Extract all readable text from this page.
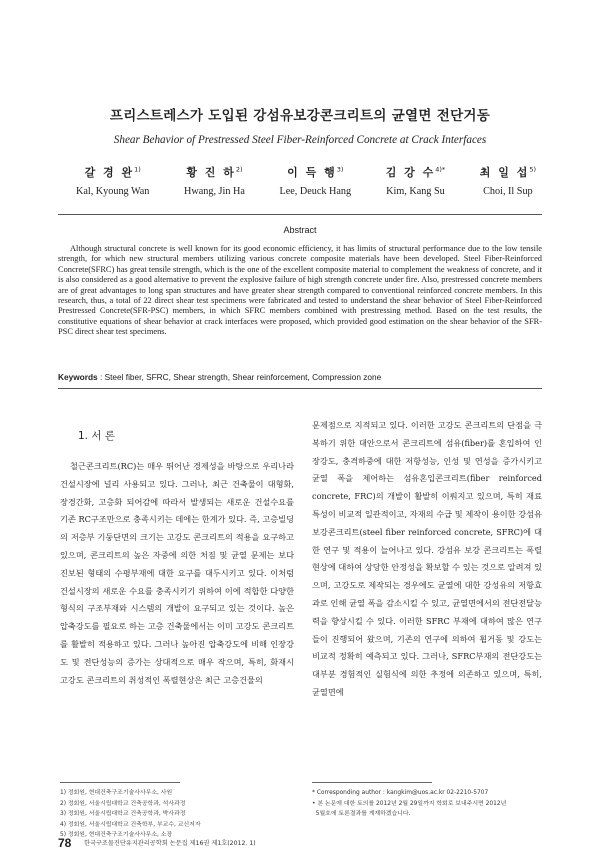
프리스트레스가 도입된 강섬유보강콘크리트의 균열면 전단거동
Shear Behavior of Prestressed Steel Fiber-Reinforced Concrete at Crack Interfaces
갈 경 완$^{1)}$
Kal, Kyoung Wan
황 진 하$^{2)}$
Hwang, Jin Ha
이 득 행$^{3)}$
Lee, Deuck Hang
김 강 수$^{4)*}$
Kim, Kang Su
최 일 섭$^{5)}$
Choi, Il Sup
Abstract
Although structural concrete is well known for its good economic efficiency, it has limits of structural performance due to the low tensile strength, for which new structural members utilizing various concrete composite materials have been developed. Steel Fiber-Reinforced Concrete(SFRC) has great tensile strength, which is the one of the excellent composite material to complement the weakness of concrete, and it is also considered as a good alternative to prevent the explosive failure of high strength concrete under fire. Also, prestressed concrete members are of great advantages to long span structures and have greater shear strength compared to conventional reinforced concrete members. In this research, thus, a total of 22 direct shear test specimens were fabricated and tested to understand the shear behavior of Steel Fiber-Reinforced Prestressed Concrete(SFR-PSC) members, in which SFRC members combined with prestressing method. Based on the test results, the constitutive equations of shear behavior at crack interfaces were proposed, which provided good estimation on the shear behavior of the SFR-PSC direct shear test specimens.
Keywords : Steel fiber, SFRC, Shear strength, Shear reinforcement, Compression zone
1. 서 론
철근콘크리트(RC)는 매우 뛰어난 경제성을 바탕으로 우리나라 건설시장에 널리 사용되고 있다. 그러나, 최근 건축물이 대형화, 장경간화, 고층화 되어감에 따라서 발생되는 새로운 건설수요를 기존 RC구조만으로 충족시키는 데에는 한계가 있다. 즉, 고층빌딩의 저층부 기둥단면의 크기는 고강도 콘크리트의 적용을 요구하고 있으며, 콘크리트의 높은 자중에 의한 처짐 및 균열 문제는 보다 진보된 형태의 수평부재에 대한 요구를 대두시키고 있다. 이처럼 건설시장의 새로운 수요를 충족시키기 위하여 이에 적합한 다양한 형식의 구조부재와 시스템의 개발이 요구되고 있는 것이다. 높은 압축강도를 필요로 하는 고층 건축물에서는 이미 고강도 콘크리트를 활발히 적용하고 있다. 그러나 높아진 압축강도에 비해 인장강도 및 전단성능의 증가는 상대적으로 매우 작으며, 특히, 화재시 고강도 콘크리트의 취성적인 폭렬현상은 최근 고층건물의
문제점으로 지적되고 있다. 이러한 고강도 콘크리트의 단점을 극복하기 위한 대안으로서 콘크리트에 섬유(fiber)를 혼입하여 인장강도, 충격하중에 대한 저항성능, 인성 및 연성을 증가시키고 균열 폭을 제어하는 섬유혼입콘크리트(fiber reinforced concrete, FRC)의 개발이 활발히 이뤄지고 있으며, 특히 재료특성이 비교적 일관적이고, 자재의 수급 및 제작이 용이한 강섬유보강콘크리트(steel fiber reinforced concrete, SFRC)에 대한 연구 및 적용이 늘어나고 있다. 강섬유 보강 콘크리트는 폭렬현상에 대하여 상당한 안정성을 확보할 수 있는 것으로 알려져 있으며, 고강도로 제작되는 경우에도 균열에 대한 강성유의 저항효과로 인해 균열 폭을 감소시킬 수 있고, 균열면에서의 전단전달능력을 향상시킬 수 있다. 이러한 SFRC 부재에 대하여 많은 연구들이 진행되어 왔으며, 기존의 연구에 의하여 휨거동 및 강도는 비교적 정확히 예측되고 있다. 그러나, SFRC부재의 전단강도는 대부분 경험적인 실험식에 의한 추정에 의존하고 있으며, 특히, 균열면에
1) 정회원, 현대건축구조기술사사무소, 사원
2) 정회원, 서울시립대학교 건축공학과, 석사과정
3) 정회원, 서울시립대학교 건축공학과, 박사과정
4) 정회원, 서울시립대학교 건축학부, 부교수, 교신저자
5) 정회원, 현대건축구조기술사사무소, 소장
* Corresponding author : kangkim@uos.ac.kr 02-2210-5707
• 본 논문에 대한 토의를 2012년 2월 29일까지 학회로 보내주시면 2012년
5월호에 토론결과를 게재하겠습니다.
78 한국구조물진단유지관리공학회 논문집 제16권 제1호(2012. 1)
